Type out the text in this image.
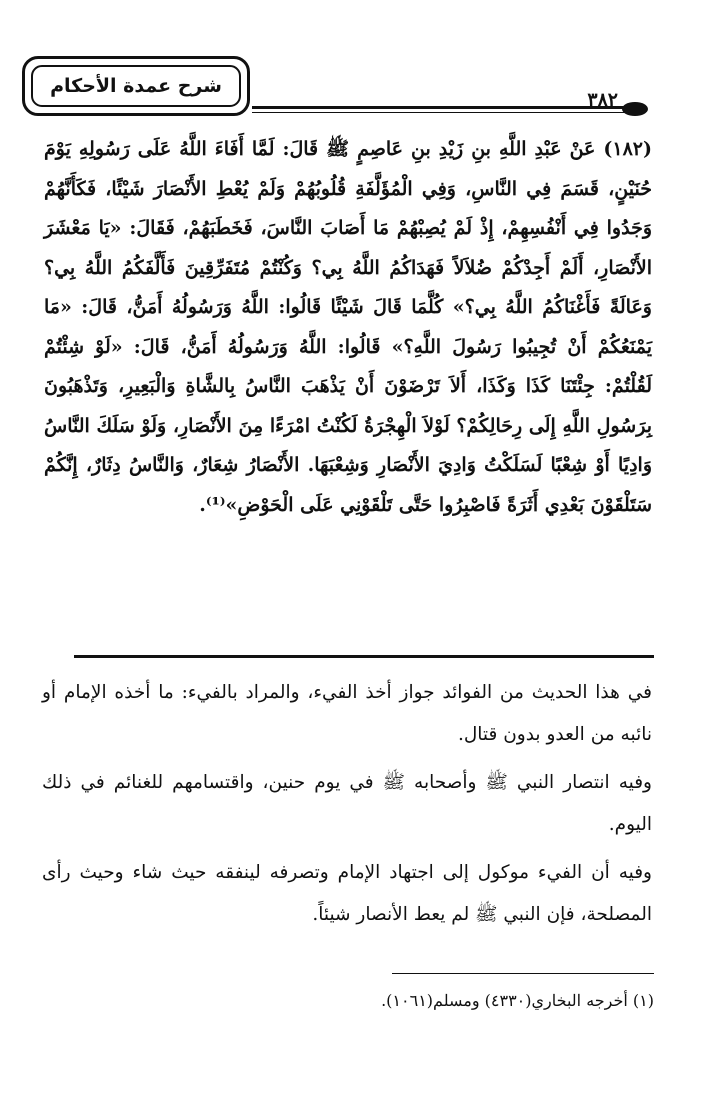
شرح عمدة الأحكام
٣٨٢
(١٨٢) عَنْ عَبْدِ اللَّهِ بنِ زَيْدِ بنِ عَاصِمٍ ﷺ قَالَ: لَمَّا أَفَاءَ اللَّهُ عَلَى رَسُولِهِ يَوْمَ حُنَيْنٍ، قَسَمَ فِي النَّاسِ، وَفِي الْمُؤَلَّفَةِ قُلُوبُهُمْ وَلَمْ يُعْطِ الأَنْصَارَ شَيْئًا، فَكَأَنَّهُمْ وَجَدُوا فِي أَنْفُسِهِمْ، إِذْ لَمْ يُصِبْهُمْ مَا أَصَابَ النَّاسَ، فَخَطَبَهُمْ، فَقَالَ: «يَا مَعْشَرَ الأَنْصَارِ، أَلَمْ أَجِدْكُمْ ضُلاَلاً فَهَدَاكُمُ اللَّهُ بِي؟ وَكُنْتُمْ مُتَفَرِّقِينَ فَأَلَّفَكُمُ اللَّهُ بِي؟ وَعَالَةً فَأَغْنَاكُمُ اللَّهُ بِي؟» كُلَّمَا قَالَ شَيْئًا قَالُوا: اللَّهُ وَرَسُولُهُ أَمَنُّ، قَالَ: «مَا يَمْنَعُكُمْ أَنْ تُجِيبُوا رَسُولَ اللَّهِ؟» قَالُوا: اللَّهُ وَرَسُولُهُ أَمَنُّ، قَالَ: «لَوْ شِئْتُمْ لَقُلْتُمْ: جِئْتَنَا كَذَا وَكَذَا، أَلاَ تَرْضَوْنَ أَنْ يَذْهَبَ النَّاسُ بِالشَّاةِ وَالْبَعِيرِ، وَتَذْهَبُونَ بِرَسُولِ اللَّهِ إِلَى رِحَالِكُمْ؟ لَوْلاَ الْهِجْرَةُ لَكُنْتُ امْرَءًا مِنَ الأَنْصَارِ، وَلَوْ سَلَكَ النَّاسُ وَادِيًا أَوْ شِعْبًا لَسَلَكْتُ وَادِيَ الأَنْصَارِ وَشِعْبَهَا. الأَنْصَارُ شِعَارٌ، وَالنَّاسُ دِثَارٌ، إِنَّكُمْ سَتَلْقَوْنَ بَعْدِي أَثَرَةً فَاصْبِرُوا حَتَّى تَلْقَوْنِي عَلَى الْحَوْضِ»⁽¹⁾.

في هذا الحديث من الفوائد جواز أخذ الفيء، والمراد بالفيء: ما أخذه الإمام أو نائبه من العدو بدون قتال.

وفيه انتصار النبي ﷺ وأصحابه ﷺ في يوم حنين، واقتسامهم للغنائم في ذلك اليوم.

وفيه أن الفيء موكول إلى اجتهاد الإمام وتصرفه لينفقه حيث شاء وحيث رأى المصلحة، فإن النبي ﷺ لم يعط الأنصار شيئاً.

(١) أخرجه البخاري(٤٣٣٠) ومسلم(١٠٦١).
